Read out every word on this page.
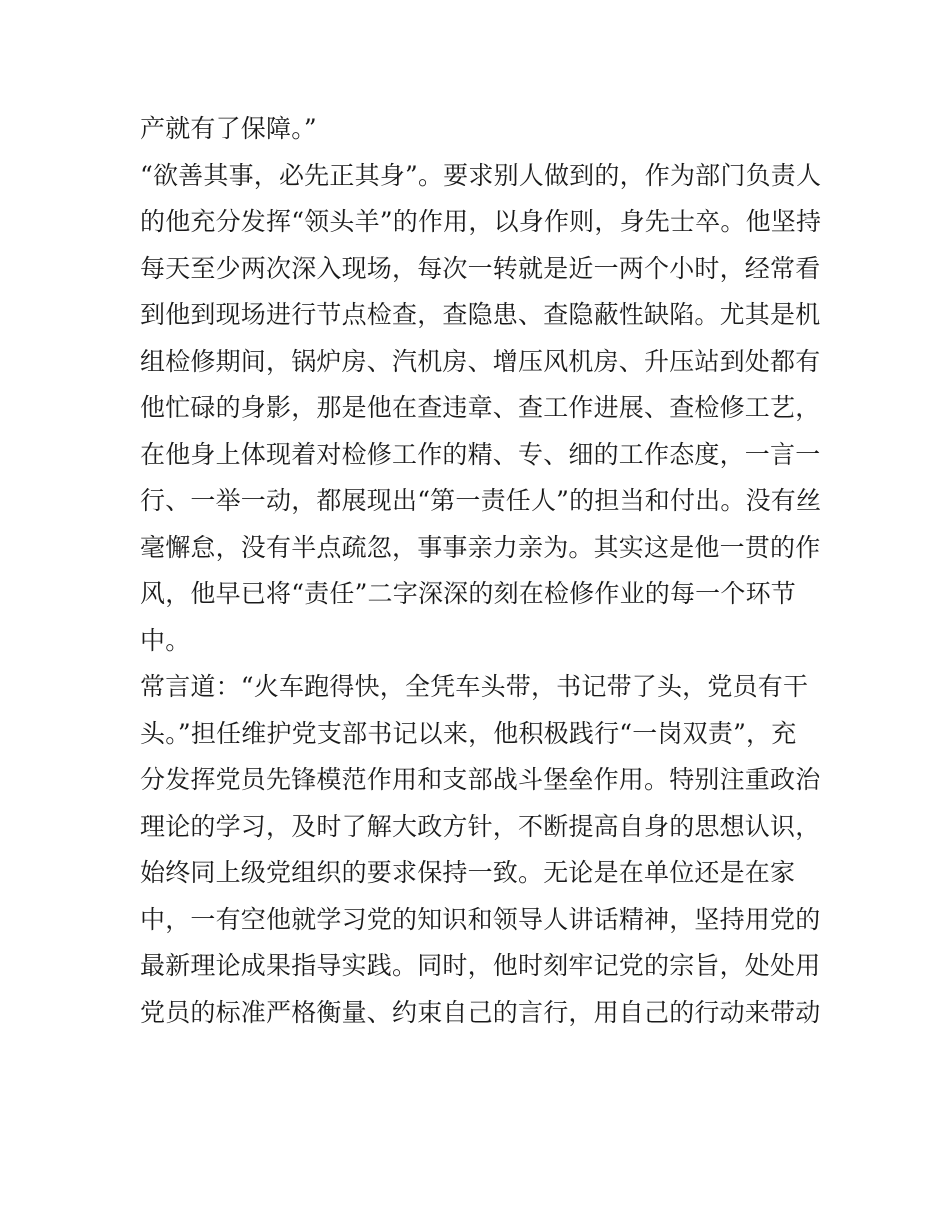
产就有了保障。”
“欲善其事，必先正其身”。要求别人做到的，作为部门负责人
的他充分发挥“领头羊”的作用，以身作则，身先士卒。他坚持
每天至少两次深入现场，每次一转就是近一两个小时，经常看
到他到现场进行节点检查，查隐患、查隐蔽性缺陷。尤其是机
组检修期间，锅炉房、汽机房、增压风机房、升压站到处都有
他忙碌的身影，那是他在查违章、查工作进展、查检修工艺，
在他身上体现着对检修工作的精、专、细的工作态度，一言一
行、一举一动，都展现出“第一责任人”的担当和付出。没有丝
毫懈怠，没有半点疏忽，事事亲力亲为。其实这是他一贯的作
风，他早已将“责任”二字深深的刻在检修作业的每一个环节
中。
常言道：“火车跑得快，全凭车头带，书记带了头，党员有干
头。”担任维护党支部书记以来，他积极践行“一岗双责”，充
分发挥党员先锋模范作用和支部战斗堡垒作用。特别注重政治
理论的学习，及时了解大政方针，不断提高自身的思想认识，
始终同上级党组织的要求保持一致。无论是在单位还是在家
中，一有空他就学习党的知识和领导人讲话精神，坚持用党的
最新理论成果指导实践。同时，他时刻牢记党的宗旨，处处用
党员的标准严格衡量、约束自己的言行，用自己的行动来带动
